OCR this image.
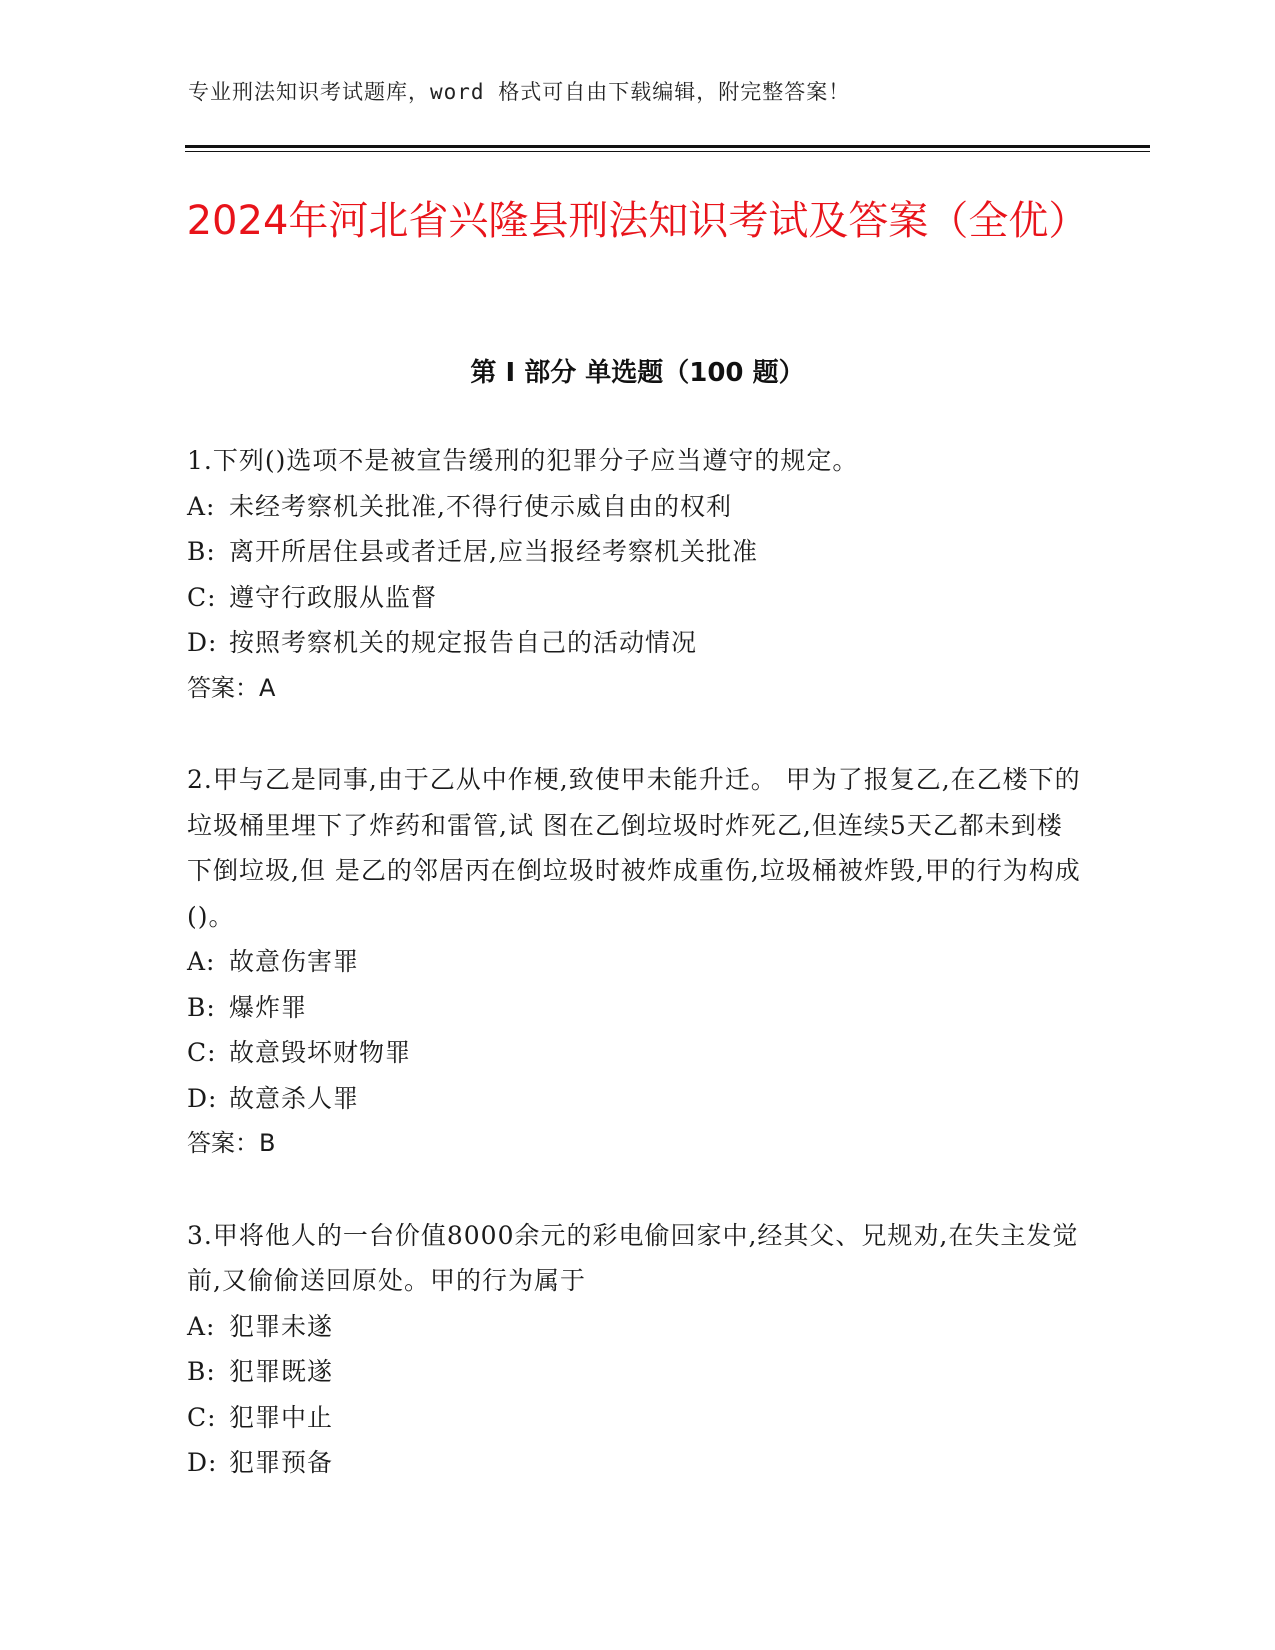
专业刑法知识考试题库，word 格式可自由下载编辑，附完整答案！
2024年河北省兴隆县刑法知识考试及答案（全优）
第 I 部分 单选题（100 题）

1.下列()选项不是被宣告缓刑的犯罪分子应当遵守的规定。

A: 未经考察机关批准,不得行使示威自由的权利

B: 离开所居住县或者迁居,应当报经考察机关批准

C: 遵守行政服从监督

D: 按照考察机关的规定报告自己的活动情况

答案：A

2.甲与乙是同事,由于乙从中作梗,致使甲未能升迁。 甲为了报复乙,在乙楼下的垃圾桶里埋下了炸药和雷管,试 图在乙倒垃圾时炸死乙,但连续5天乙都未到楼下倒垃圾,但 是乙的邻居丙在倒垃圾时被炸成重伤,垃圾桶被炸毁,甲的行为构成()。

A: 故意伤害罪

B: 爆炸罪

C: 故意毁坏财物罪

D: 故意杀人罪

答案：B

3.甲将他人的一台价值8000余元的彩电偷回家中,经其父、兄规劝,在失主发觉前,又偷偷送回原处。甲的行为属于

A: 犯罪未遂

B: 犯罪既遂

C: 犯罪中止

D: 犯罪预备
